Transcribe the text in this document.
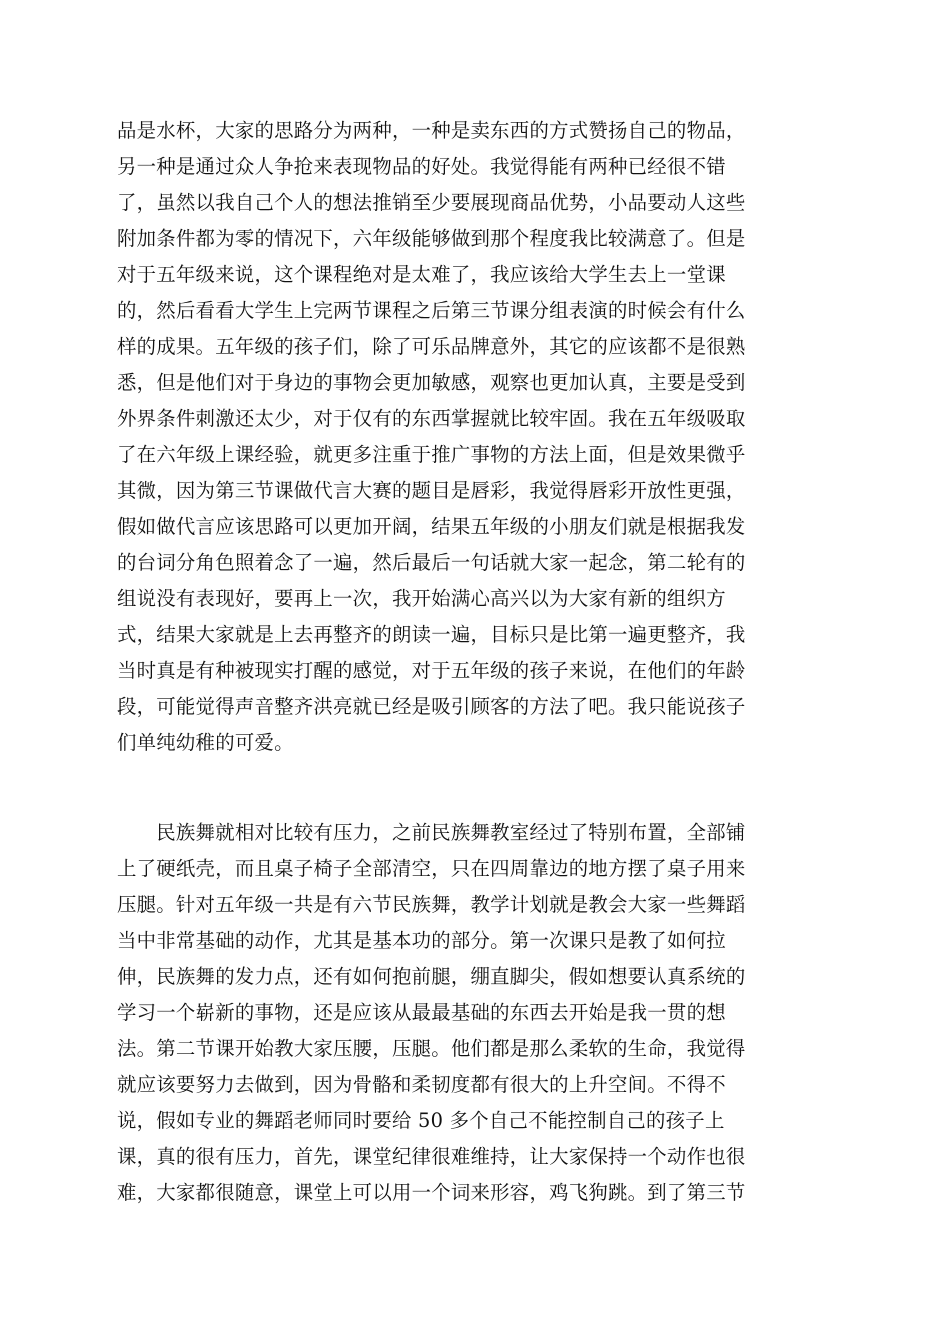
品是水杯，大家的思路分为两种，一种是卖东西的方式赞扬自己的物品，
另一种是通过众人争抢来表现物品的好处。我觉得能有两种已经很不错
了，虽然以我自己个人的想法推销至少要展现商品优势，小品要动人这些
附加条件都为零的情况下，六年级能够做到那个程度我比较满意了。但是
对于五年级来说，这个课程绝对是太难了，我应该给大学生去上一堂课
的，然后看看大学生上完两节课程之后第三节课分组表演的时候会有什么
样的成果。五年级的孩子们，除了可乐品牌意外，其它的应该都不是很熟
悉，但是他们对于身边的事物会更加敏感，观察也更加认真，主要是受到
外界条件刺激还太少，对于仅有的东西掌握就比较牢固。我在五年级吸取
了在六年级上课经验，就更多注重于推广事物的方法上面，但是效果微乎
其微，因为第三节课做代言大赛的题目是唇彩，我觉得唇彩开放性更强，
假如做代言应该思路可以更加开阔，结果五年级的小朋友们就是根据我发
的台词分角色照着念了一遍，然后最后一句话就大家一起念，第二轮有的
组说没有表现好，要再上一次，我开始满心高兴以为大家有新的组织方
式，结果大家就是上去再整齐的朗读一遍，目标只是比第一遍更整齐，我
当时真是有种被现实打醒的感觉，对于五年级的孩子来说，在他们的年龄
段，可能觉得声音整齐洪亮就已经是吸引顾客的方法了吧。我只能说孩子
们单纯幼稚的可爱。
　　民族舞就相对比较有压力，之前民族舞教室经过了特别布置，全部铺
上了硬纸壳，而且桌子椅子全部清空，只在四周靠边的地方摆了桌子用来
压腿。针对五年级一共是有六节民族舞，教学计划就是教会大家一些舞蹈
当中非常基础的动作，尤其是基本功的部分。第一次课只是教了如何拉
伸，民族舞的发力点，还有如何抱前腿，绷直脚尖，假如想要认真系统的
学习一个崭新的事物，还是应该从最最基础的东西去开始是我一贯的想
法。第二节课开始教大家压腰，压腿。他们都是那么柔软的生命，我觉得
就应该要努力去做到，因为骨骼和柔韧度都有很大的上升空间。不得不
说，假如专业的舞蹈老师同时要给 50 多个自己不能控制自己的孩子上
课，真的很有压力，首先，课堂纪律很难维持，让大家保持一个动作也很
难，大家都很随意，课堂上可以用一个词来形容，鸡飞狗跳。到了第三节
